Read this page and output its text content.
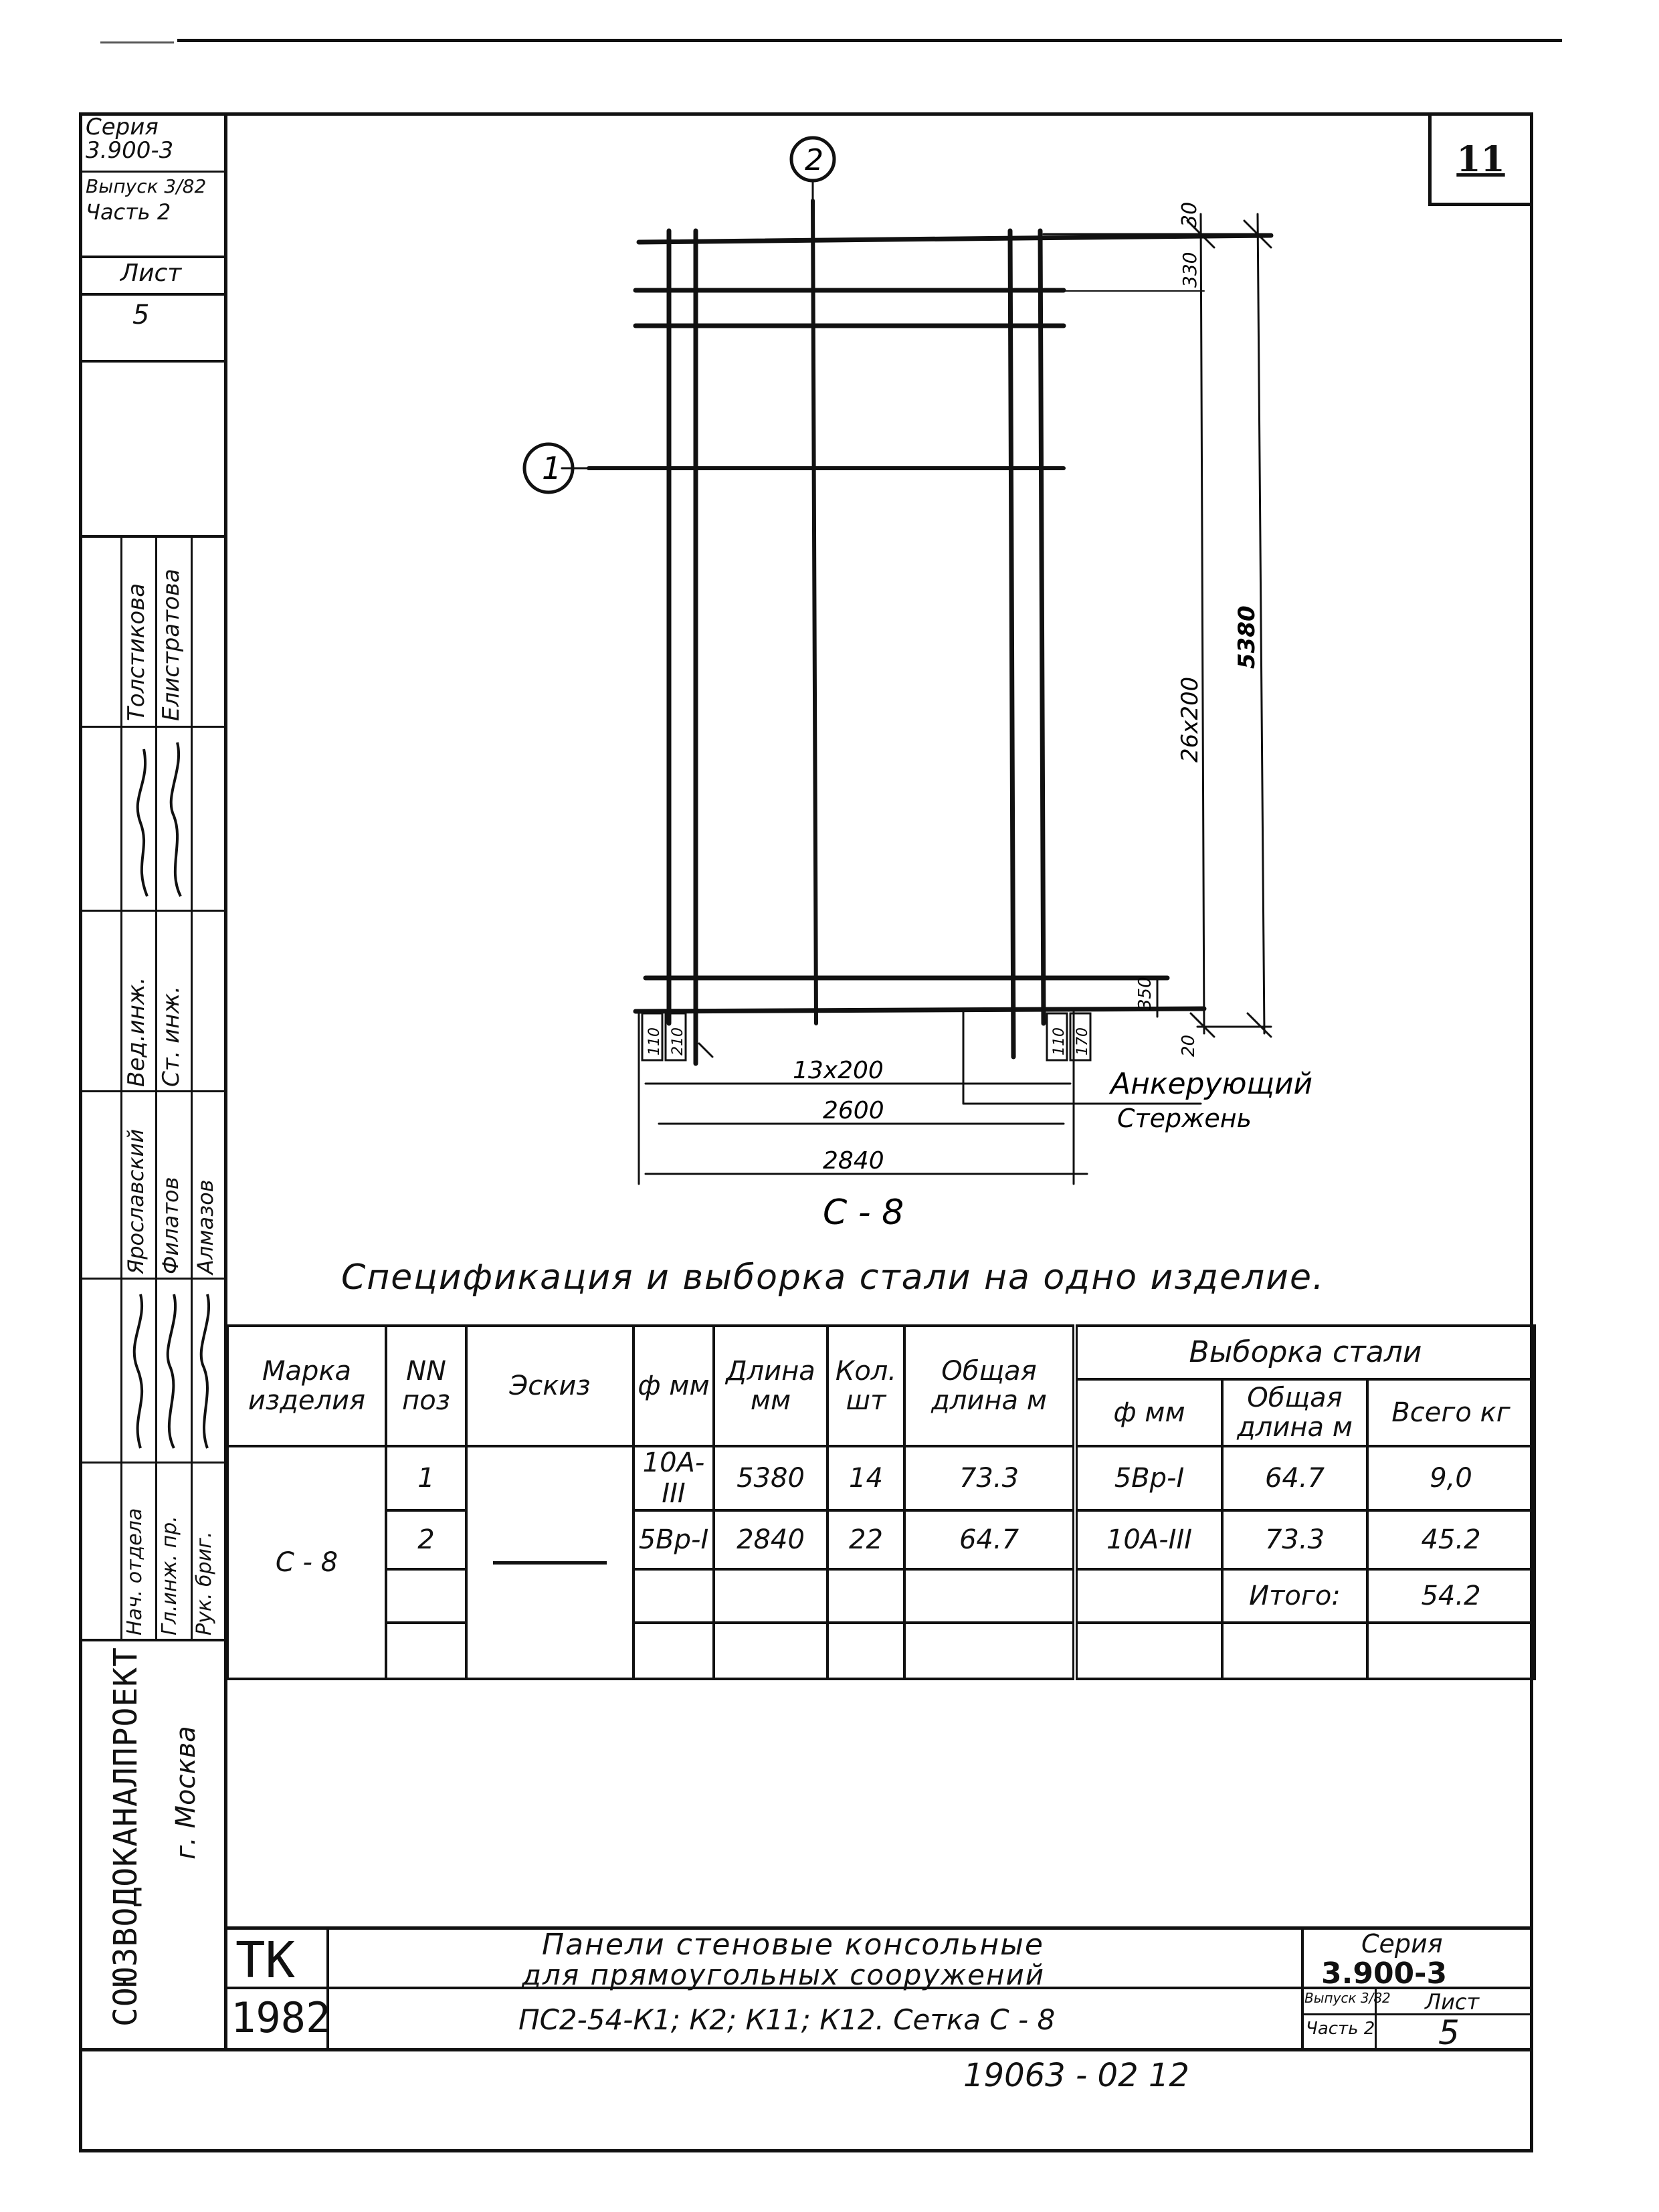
11
Серия
3.900-3
Выпуск 3/82
Часть 2
Лист
5
Толстикова Елистратова
Вед.инж. Ст. инж.
Ярославский Филатов Алмазов
Нач. отдела Гл.инж. пр. Рук. бриг.
СОЮЗВОДОКАНАЛПРОЕКТ г. Москва
2
1
30
330
26х200
5380
350
20
110 210	110 170
13х200
2600
2840
Анкерующий
Стержень
С - 8
Спецификация и выборка стали на одно изделие.
Марка изделия	NN поз	Эскиз	ф мм	Длина мм	Кол. шт	Общая длина м	Выборка стали		
							ф мм	Общая длина м	Всего кг
С - 8	1		10А-III	5380	14	73.3	5Вр-I	64.7	9,0
	2		5Вр-I	2840	22	64.7	10А-III	73.3	45.2
								Итого:	54.2

ТК
1982
Панели стеновые консольные
для прямоугольных сооружений
ПС2-54-К1; К2; К11; К12. Сетка С - 8
Серия
3.900-3
Выпуск 3/82
Часть 2
Лист
5
19063 - 02 12
